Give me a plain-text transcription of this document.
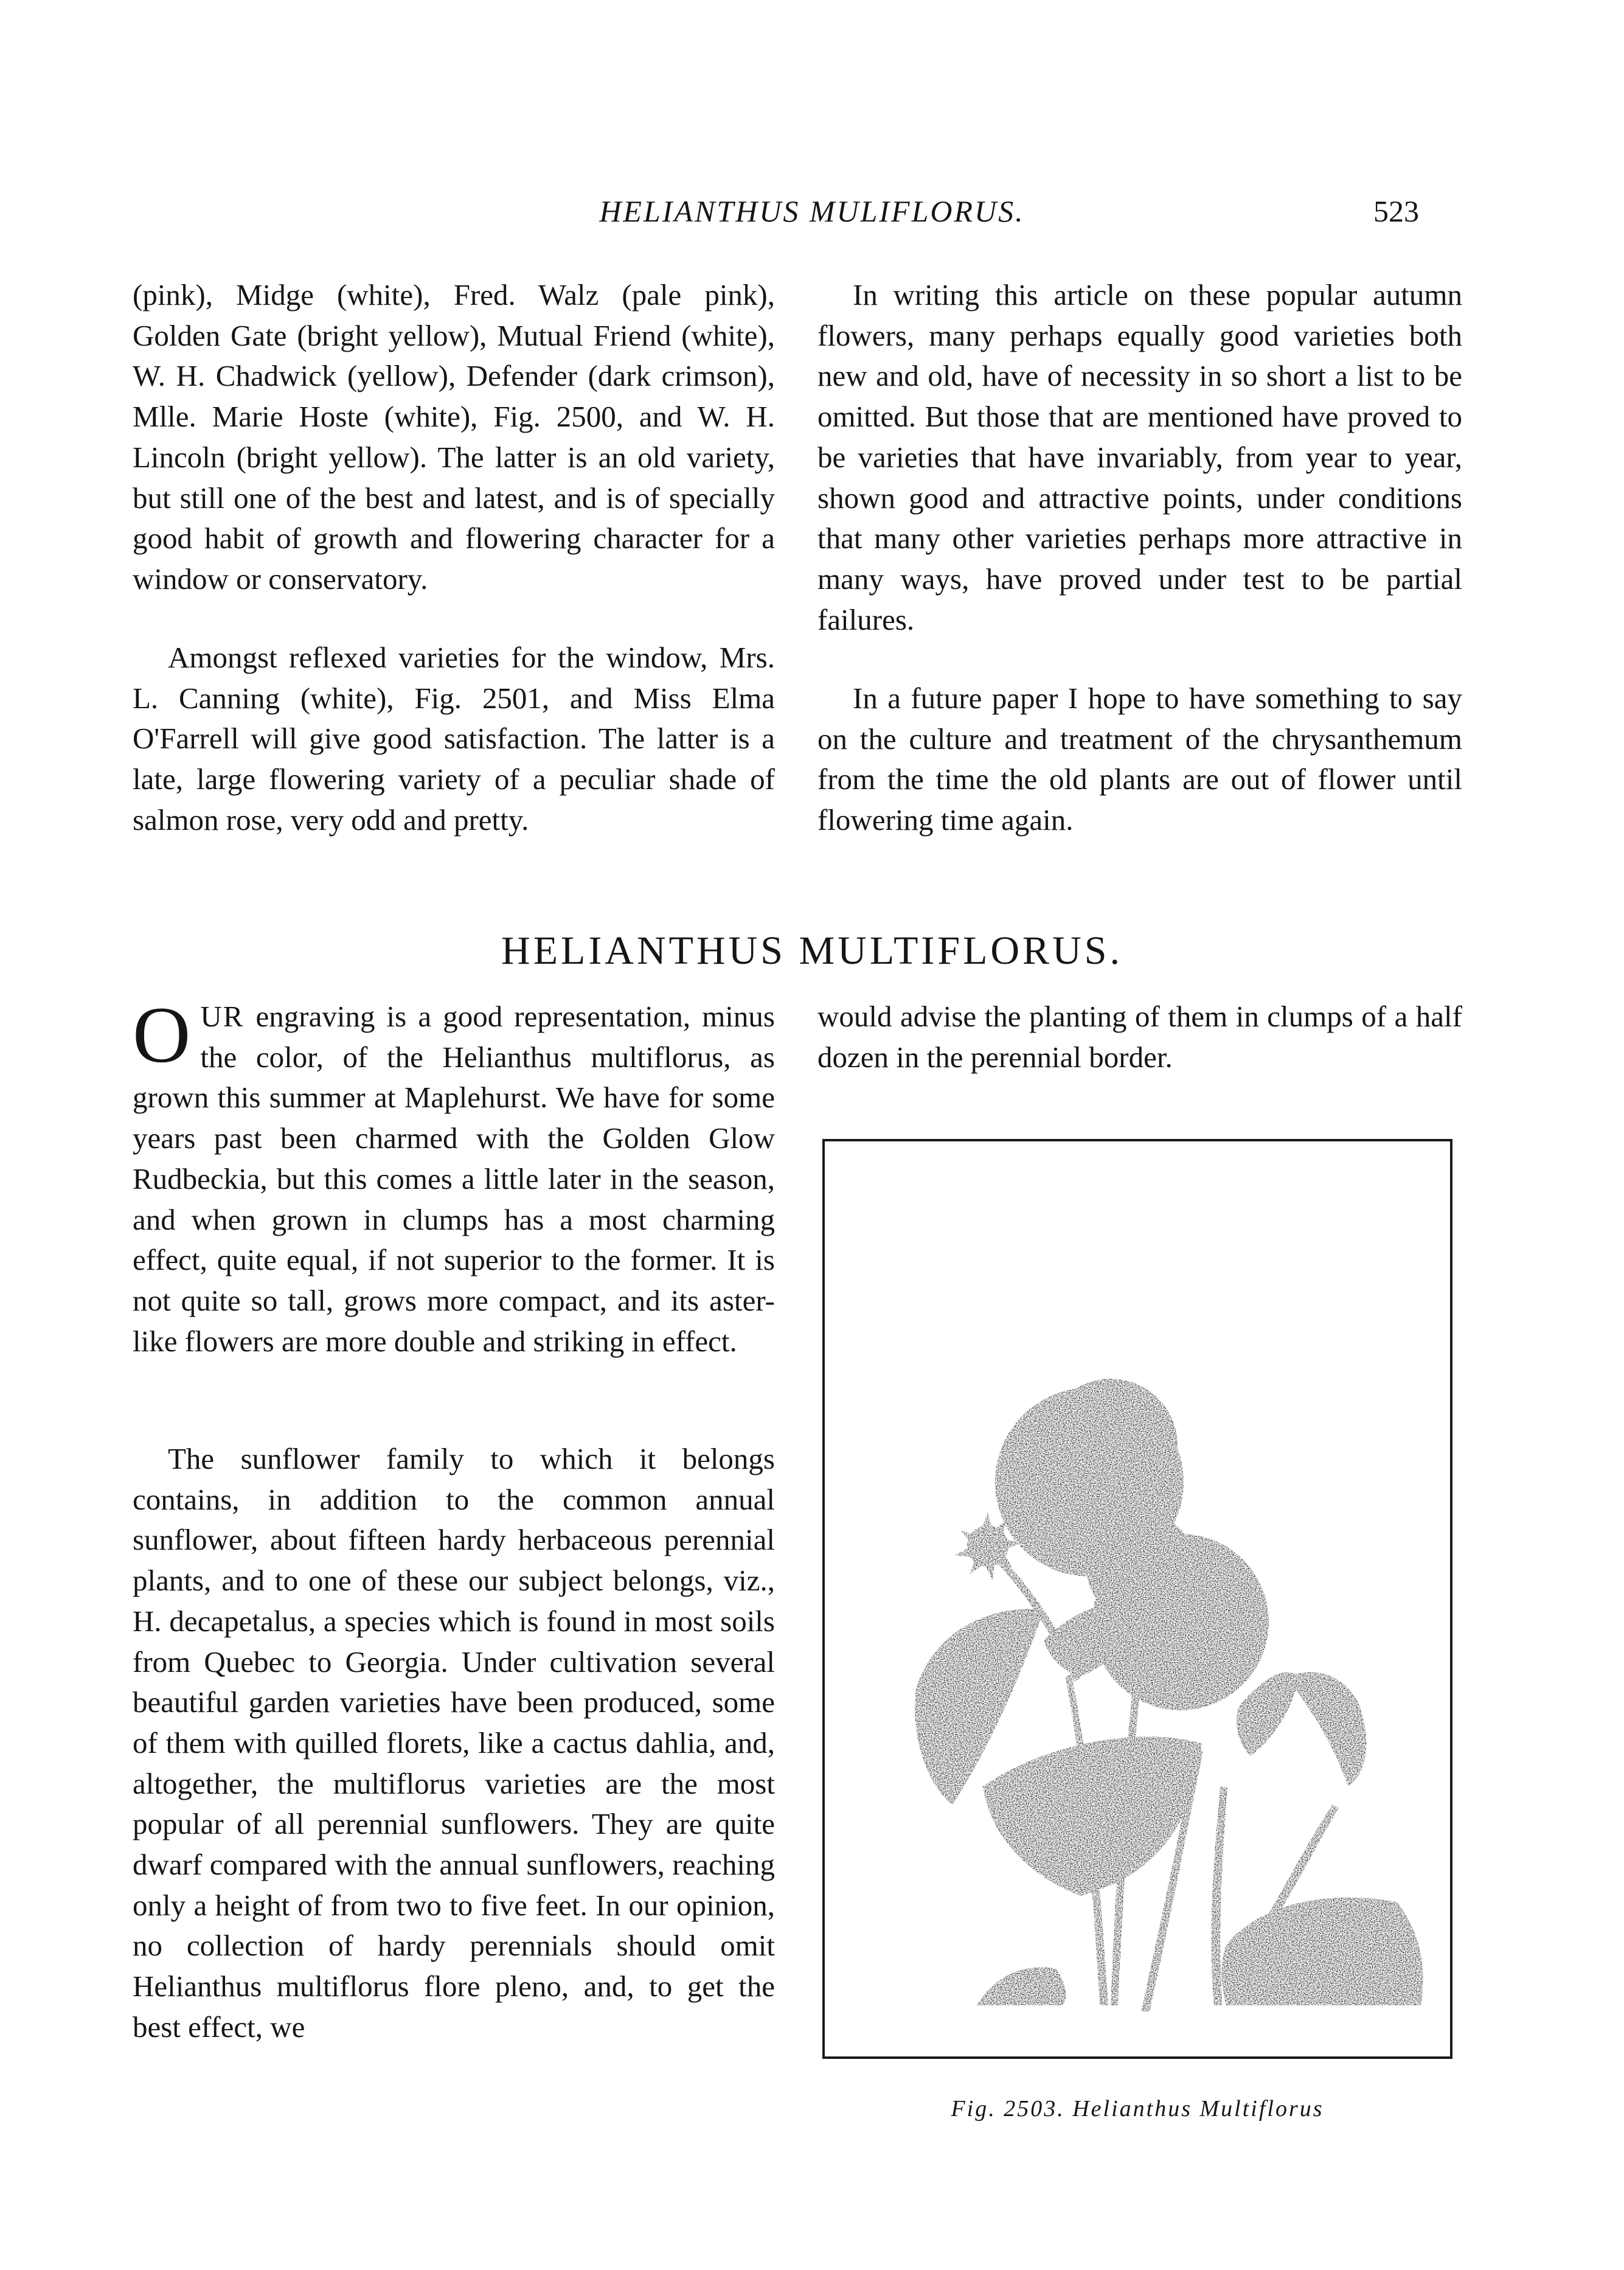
HELIANTHUS MULIFLORUS.	523

(pink), Midge (white), Fred. Walz (pale pink), Golden Gate (bright yellow), Mutual Friend (white), W. H. Chadwick (yellow), Defender (dark crimson), Mlle. Marie Hoste (white), Fig. 2500, and W. H. Lincoln (bright yellow). The latter is an old variety, but still one of the best and latest, and is of specially good habit of growth and flowering character for a window or conservatory.

Amongst reflexed varieties for the window, Mrs. L. Canning (white), Fig. 2501, and Miss Elma O'Farrell will give good satisfaction. The latter is a late, large flowering variety of a peculiar shade of salmon rose, very odd and pretty.

In writing this article on these popular autumn flowers, many perhaps equally good varieties both new and old, have of necessity in so short a list to be omitted. But those that are mentioned have proved to be varieties that have invariably, from year to year, shown good and attractive points, under conditions that many other varieties perhaps more attractive in many ways, have proved under test to be partial failures.

In a future paper I hope to have something to say on the culture and treatment of the chrysanthemum from the time the old plants are out of flower until flowering time again.

HELIANTHUS MULTIFLORUS.

OUR engraving is a good representation, minus the color, of the Helianthus multiflorus, as grown this summer at Maplehurst. We have for some years past been charmed with the Golden Glow Rudbeckia, but this comes a little later in the season, and when grown in clumps has a most charming effect, quite equal, if not superior to the former. It is not quite so tall, grows more compact, and its aster-like flowers are more double and striking in effect.

The sunflower family to which it belongs contains, in addition to the common annual sunflower, about fifteen hardy herbaceous perennial plants, and to one of these our subject belongs, viz., H. decapetalus, a species which is found in most soils from Quebec to Georgia. Under cultivation several beautiful garden varieties have been produced, some of them with quilled florets, like a cactus dahlia, and, altogether, the multiflorus varieties are the most popular of all perennial sunflowers. They are quite dwarf compared with the annual sunflowers, reaching only a height of from two to five feet. In our opinion, no collection of hardy perennials should omit Helianthus multiflorus flore pleno, and, to get the best effect, we

would advise the planting of them in clumps of a half dozen in the perennial border.

Fig. 2503. Helianthus Multiflorus
